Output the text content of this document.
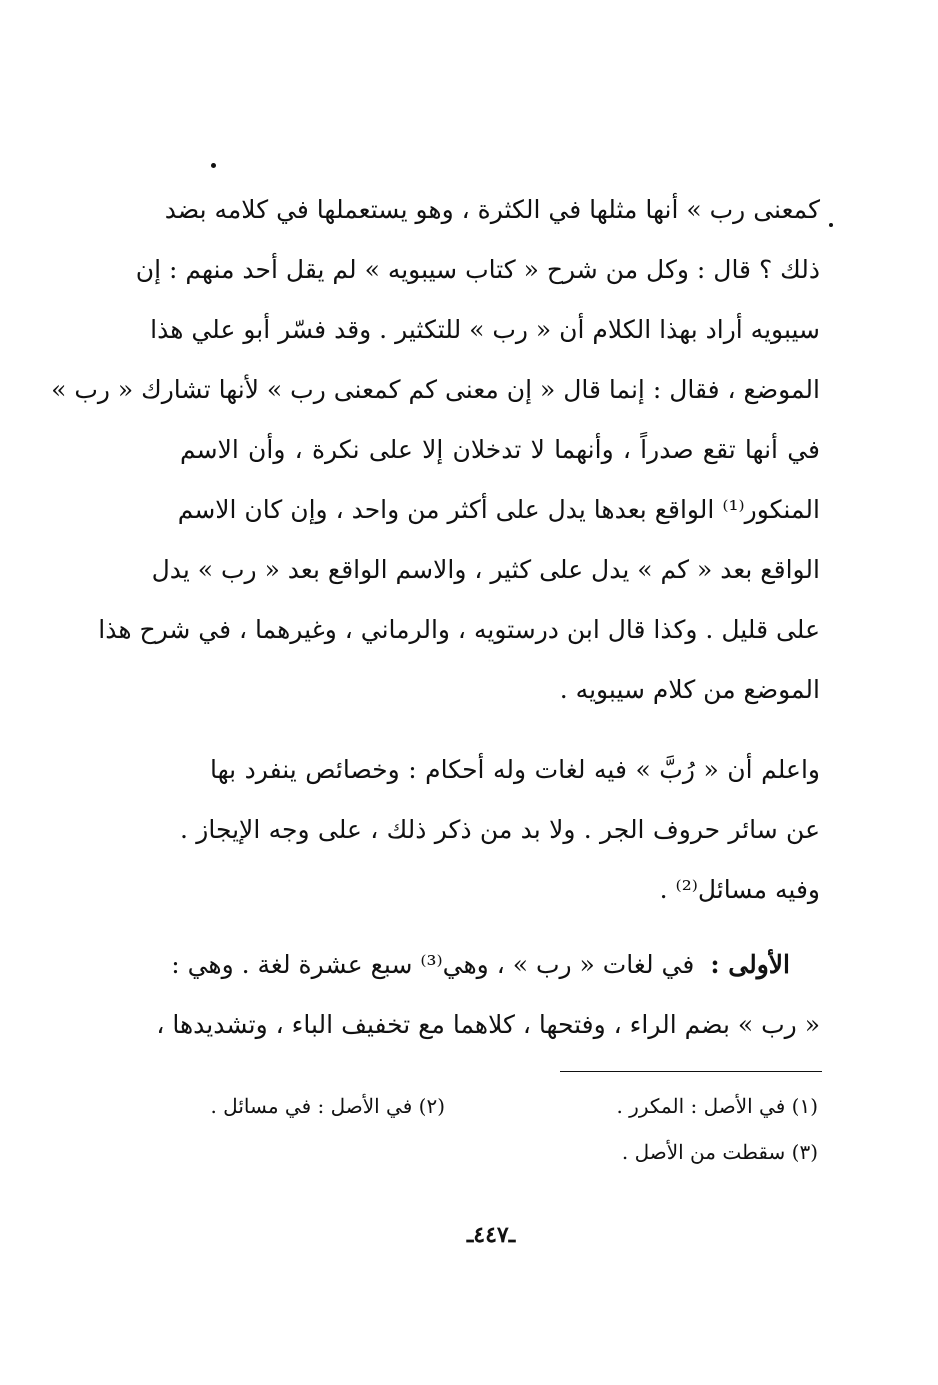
كمعنى رب » أنها مثلها في الكثرة ، وهو يستعملها في كلامه بضد
ذلك ؟ قال : وكل من شرح « كتاب سيبويه » لم يقل أحد منهم : إن
سيبويه أراد بهذا الكلام أن « رب » للتكثير . وقد فسّر أبو علي هذا
الموضع ، فقال : إنما قال « إن معنى كم كمعنى رب » لأنها تشارك « رب »
في أنها تقع صدراً ، وأنهما لا تدخلان إلا على نكرة ، وأن الاسم
المنكور⁽¹⁾ الواقع بعدها يدل على أكثر من واحد ، وإن كان الاسم
الواقع بعد « كم » يدل على كثير ، والاسم الواقع بعد « رب » يدل
على قليل . وكذا قال ابن درستويه ، والرماني ، وغيرهما ، في شرح هذا
الموضع من كلام سيبويه .
واعلم أن « رُبَّ » فيه لغات وله أحكام : وخصائص ينفرد بها
عن سائر حروف الجر . ولا بد من ذكر ذلك ، على وجه الإيجاز .
وفيه مسائل⁽²⁾ .
الأولى :في لغات « رب » ، وهي⁽³⁾ سبع عشرة لغة . وهي :
« رب » بضم الراء ، وفتحها ، كلاهما مع تخفيف الباء ، وتشديدها ،
(١) في الأصل : المكرر .
(٢) في الأصل : في مسائل .
(٣) سقطت من الأصل .
ـ٤٤٧ـ
